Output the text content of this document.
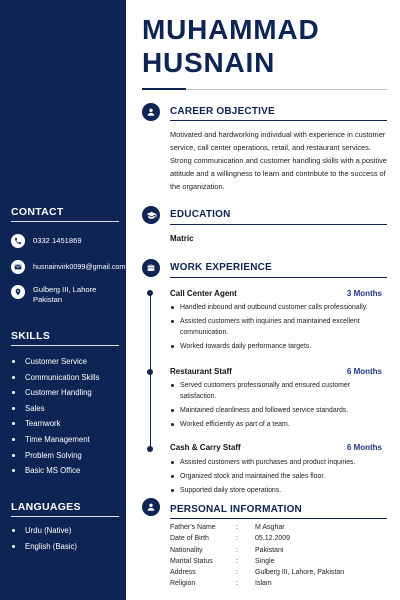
CONTACT
0332 1451869
husnainvirk0099@gmail.com
Gulberg III, Lahore Pakistan
SKILLS
Customer Service
Communication Skills
Customer Handling
Sales
Teamwork
Time Management
Problem Solving
Basic MS Office
LANGUAGES
Urdu (Native)
English (Basic)
MUHAMMAD
HUSNAIN
CAREER OBJECTIVE
Motivated and hardworking individual with experience in customer service, call center operations, retail, and restaurant services. Strong communication and customer handling skills with a positive attitude and a willingness to learn and contribute to the success of the organization.
EDUCATION
Matric
WORK EXPERIENCE
Call Center Agent	3 Months
Handled inbound and outbound customer calls professionally.
Assisted customers with inquiries and maintained excellent communication.
Worked towards daily performance targets.
Restaurant Staff	6 Months
Served customers professionally and ensured customer satisfaction.
Maintained cleanliness and followed service standards.
Worked efficiently as part of a team.
Cash & Carry Staff	6 Months
Assisted customers with purchases and product inquiries.
Organized stock and maintained the sales floor.
Supported daily store operations.
PERSONAL INFORMATION
Father's Name	:	M Asghar
Date of Birth	:	05.12.2009
Nationality	:	Pakistani
Marital Status	:	Single
Address	:	Gulberg III, Lahore, Pakistan
Religion	:	Islam
